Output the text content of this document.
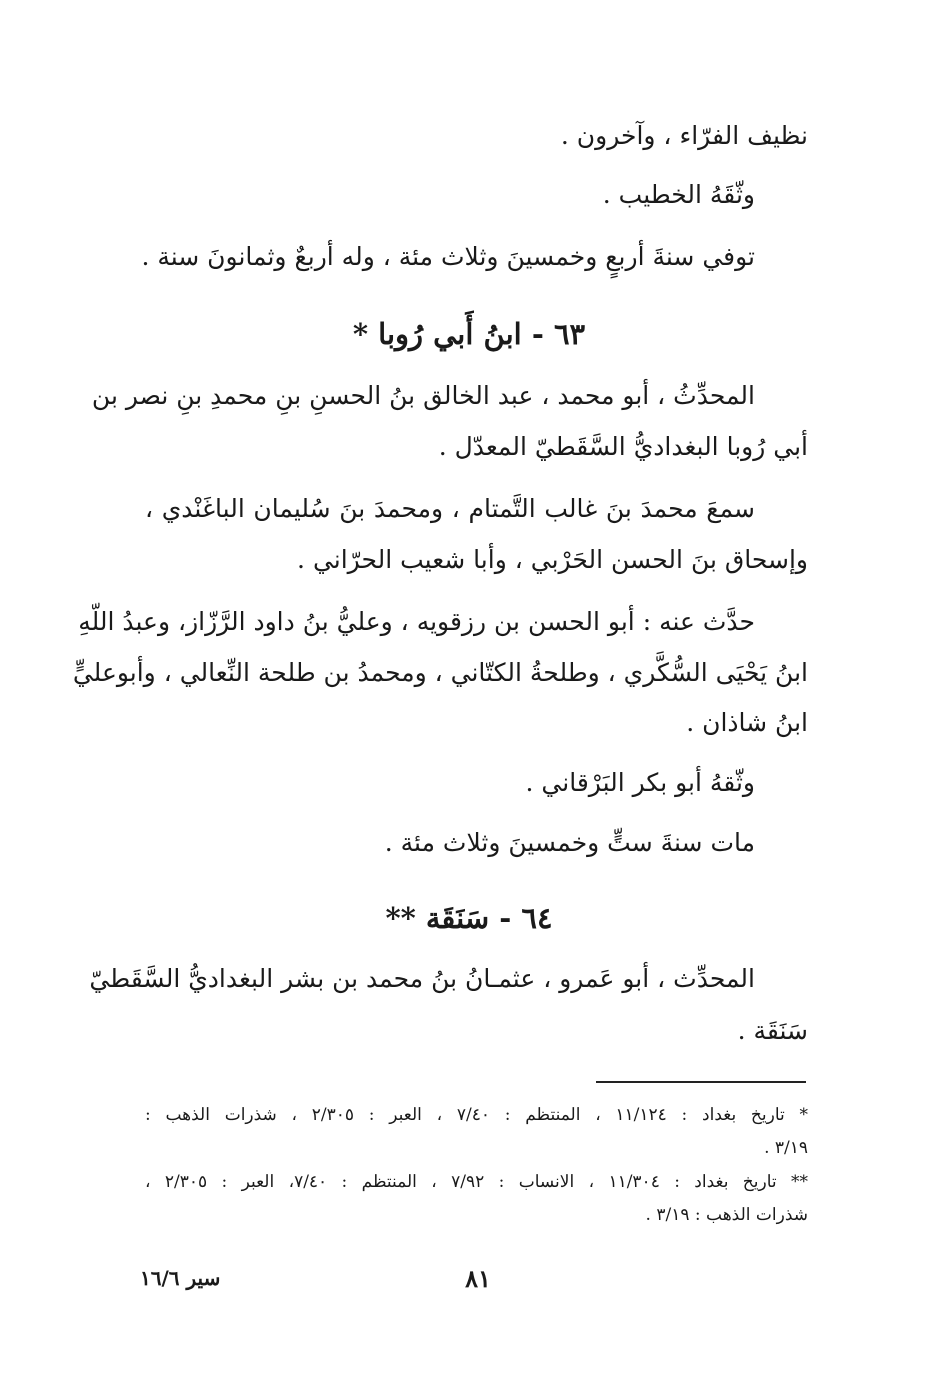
نظيف الفرّاء ، وآخرون .
وثّقَهُ الخطيب .
توفي سنةَ أربعٍ وخمسينَ وثلاث مئة ، وله أربعٌ وثمانونَ سنة .
٦٣ - ابنُ أَبي رُوبا *
المحدِّثُ ، أبو محمد ، عبد الخالق بنُ الحسنِ بنِ محمدِ بنِ نصر بن
أبي رُوبا البغداديُّ السَّقَطيّ المعدّل .
سمعَ محمدَ بنَ غالب التَّمتام ، ومحمدَ بنَ سُليمان الباغَنْدي ،
وإسحاق بنَ الحسن الحَرْبي ، وأبا شعيب الحرّاني .
حدَّث عنه : أبو الحسن بن رزقويه ، وعليُّ بنُ داود الرَّزّاز، وعبدُ اللّهِ
ابنُ يَحْيَى السُّكَّري ، وطلحةُ الكتّاني ، ومحمدُ بن طلحة النِّعالي ، وأبوعليٍّ
ابنُ شاذان .
وثّقهُ أبو بكر البَرْقاني .
مات سنةَ ستٍّ وخمسينَ وثلاث مئة .
٦٤ - سَنَقَة **
المحدِّث ، أبو عَمرو ، عثمـانُ بنُ محمد بن بشر البغداديُّ السَّقَطيّ
سَنَقَة .
* تاريخ بغداد : ١١/١٢٤ ، المنتظم : ٧/٤٠ ، العبر : ٢/٣٠٥ ، شذرات الذهب :
٣/١٩ .
** تاريخ بغداد : ١١/٣٠٤ ، الانساب : ٧/٩٢ ، المنتظم : ٧/٤٠، العبر : ٢/٣٠٥ ،
شذرات الذهب : ٣/١٩ .
٨١
سير ١٦/٦
